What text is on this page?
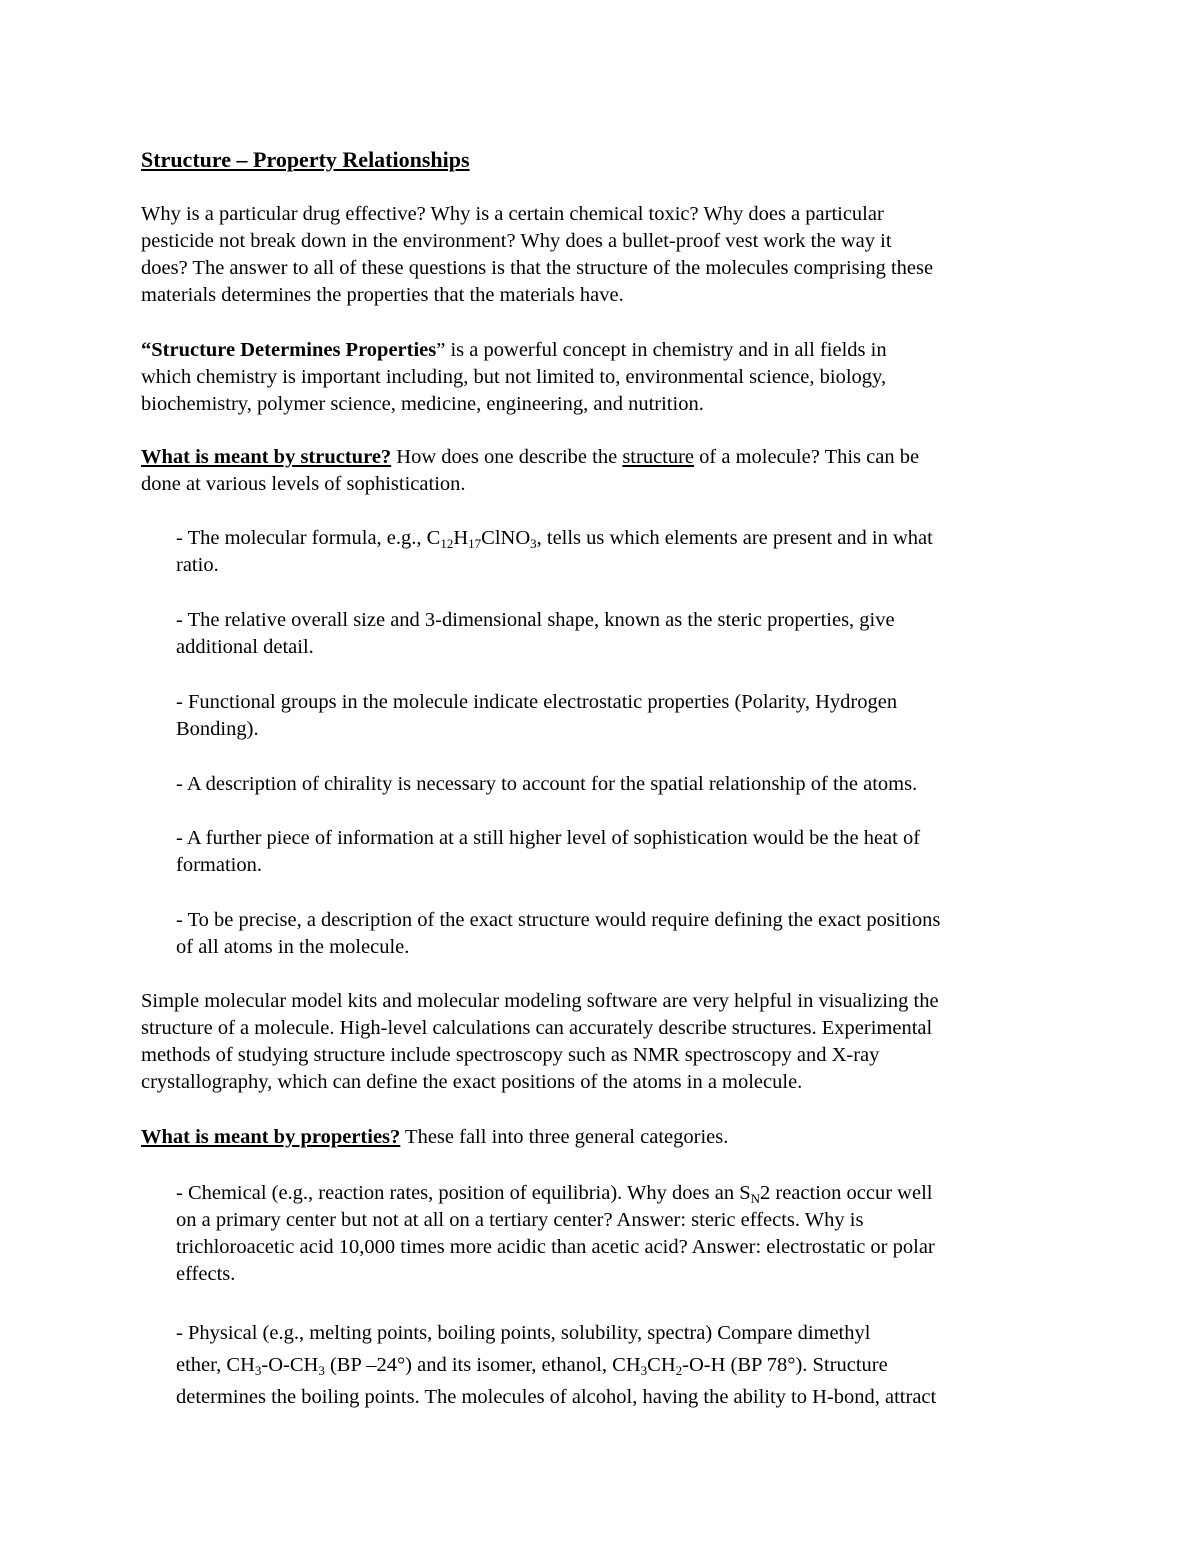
Structure – Property Relationships
Why is a particular drug effective? Why is a certain chemical toxic? Why does a particular
pesticide not break down in the environment? Why does a bullet-proof vest work the way it
does? The answer to all of these questions is that the structure of the molecules comprising these
materials determines the properties that the materials have.
“Structure Determines Properties” is a powerful concept in chemistry and in all fields in
which chemistry is important including, but not limited to, environmental science, biology,
biochemistry, polymer science, medicine, engineering, and nutrition.
What is meant by structure? How does one describe the structure of a molecule? This can be
done at various levels of sophistication.
- The molecular formula, e.g., $C_{12}H_{17}ClNO_3$, tells us which elements are present and in what
ratio.
- The relative overall size and 3-dimensional shape, known as the steric properties, give
additional detail.
- Functional groups in the molecule indicate electrostatic properties (Polarity, Hydrogen
Bonding).
- A description of chirality is necessary to account for the spatial relationship of the atoms.
- A further piece of information at a still higher level of sophistication would be the heat of
formation.
- To be precise, a description of the exact structure would require defining the exact positions
of all atoms in the molecule.
Simple molecular model kits and molecular modeling software are very helpful in visualizing the
structure of a molecule. High-level calculations can accurately describe structures. Experimental
methods of studying structure include spectroscopy such as NMR spectroscopy and X-ray
crystallography, which can define the exact positions of the atoms in a molecule.
What is meant by properties? These fall into three general categories.
- Chemical (e.g., reaction rates, position of equilibria). Why does an $S_N2$ reaction occur well
on a primary center but not at all on a tertiary center? Answer: steric effects. Why is
trichloroacetic acid 10,000 times more acidic than acetic acid? Answer: electrostatic or polar
effects.
- Physical (e.g., melting points, boiling points, solubility, spectra) Compare dimethyl
ether, $CH_3-O-CH_3$ (BP –24°) and its isomer, ethanol, $CH_3CH_2-O-H$ (BP 78°). Structure
determines the boiling points. The molecules of alcohol, having the ability to H-bond, attract
